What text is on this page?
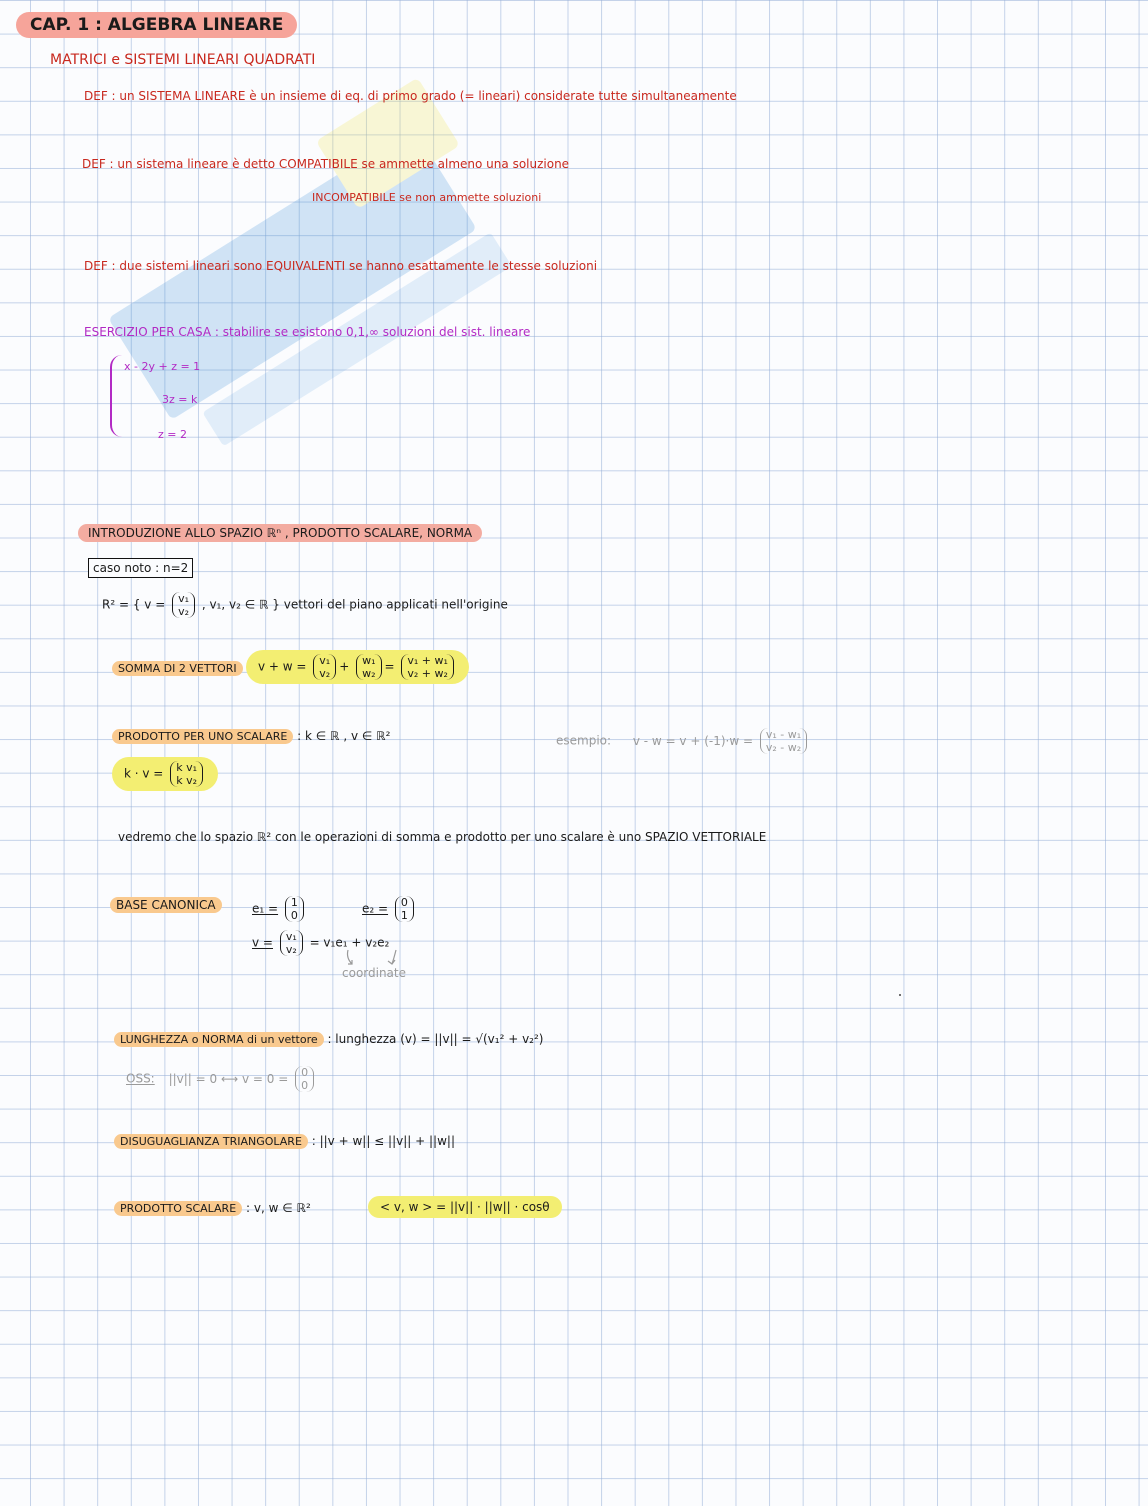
CAP. 1 : ALGEBRA LINEARE
MATRICI e SISTEMI LINEARI QUADRATI
DEF : un SISTEMA LINEARE è un insieme di eq. di primo grado (= lineari) considerate tutte simultaneamente
DEF : un sistema lineare è detto COMPATIBILE se ammette almeno una soluzione
INCOMPATIBILE se non ammette soluzioni
DEF : due sistemi lineari sono EQUIVALENTI se hanno esattamente le stesse soluzioni
ESERCIZIO PER CASA : stabilire se esistono 0,1,∞ soluzioni del sist. lineare
x - 2y + z = 1
3z = k
z = 2
INTRODUZIONE ALLO SPAZIO ℝⁿ , PRODOTTO SCALARE, NORMA
caso noto : n=2
R² = { v = v₁
v₂ , v₁, v₂ ∈ ℝ } vettori del piano applicati nell'origine
SOMMA DI 2 VETTORI	v + w = v₁
v₂ + w₁
w₂ = v₁ + w₁
v₂ + w₂
PRODOTTO PER UNO SCALARE : k ∈ ℝ , v ∈ ℝ²
k · v = k v₁
k v₂
esempio: v - w = v + (-1)·w = v₁ - w₁
v₂ - w₂
vedremo che lo spazio ℝ² con le operazioni di somma e prodotto per uno scalare è uno SPAZIO VETTORIALE
BASE CANONICA	e₁ = 1
0	e₂ = 0
1
v = v₁
v₂ = v₁e₁ + v₂e₂
coordinate
LUNGHEZZA o NORMA di un vettore : lunghezza (v) = ||v|| = √(v₁² + v₂²)
OSS: ||v|| = 0 ⟷ v = 0 = 0
0
DISUGUAGLIANZA TRIANGOLARE : ||v + w|| ≤ ||v|| + ||w||
PRODOTTO SCALARE : v, w ∈ ℝ²	< v, w > = ||v|| · ||w|| · cosθ
